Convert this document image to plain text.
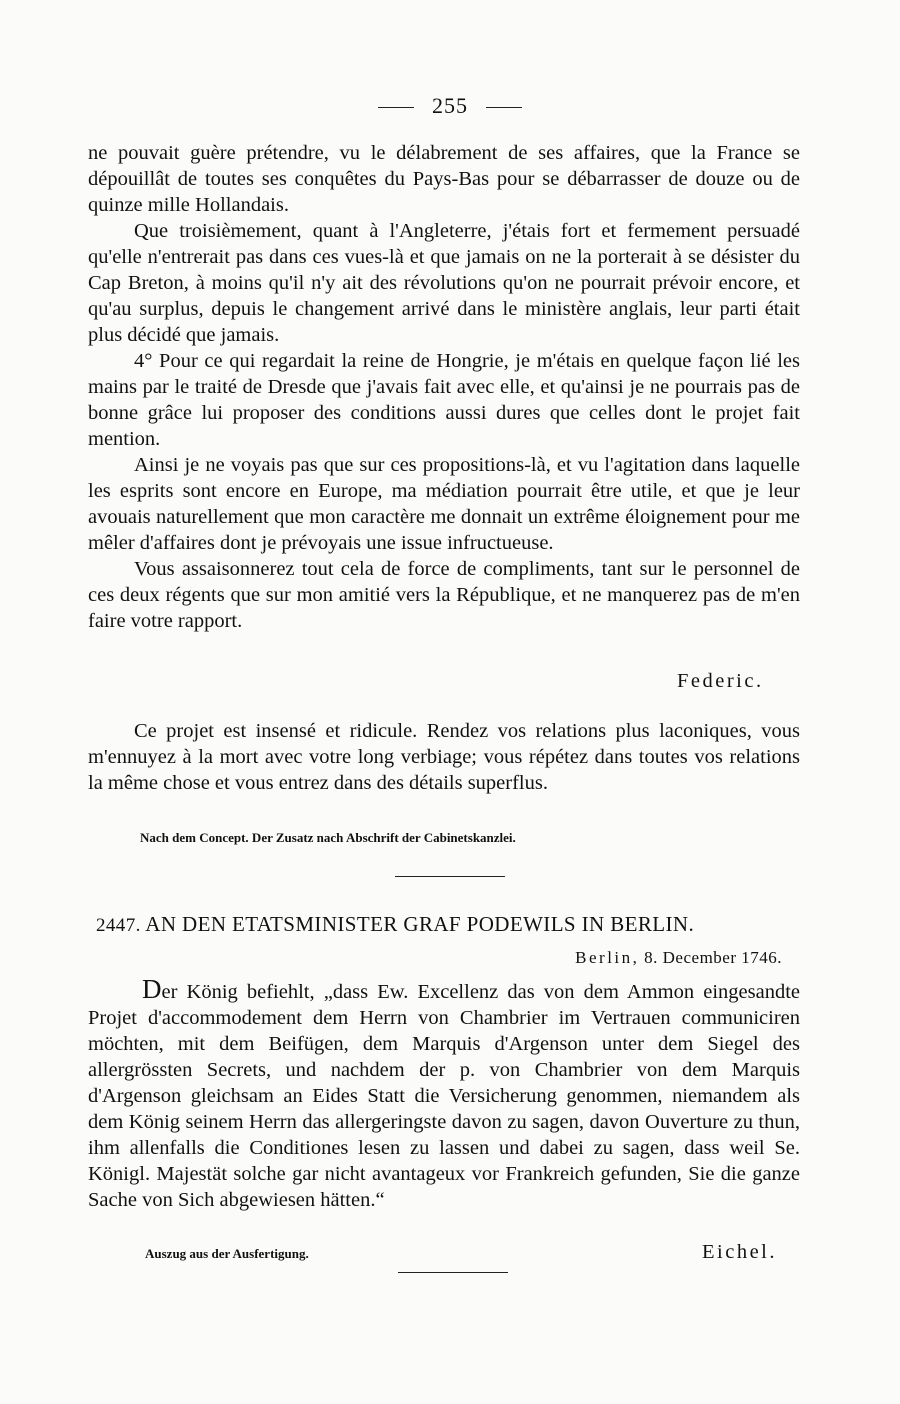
255

ne pouvait guère prétendre, vu le délabrement de ses affaires, que la France se dépouillât de toutes ses conquêtes du Pays-Bas pour se débarrasser de douze ou de quinze mille Hollandais.

Que troisièmement, quant à l'Angleterre, j'étais fort et fermement persuadé qu'elle n'entrerait pas dans ces vues-là et que jamais on ne la porterait à se désister du Cap Breton, à moins qu'il n'y ait des révolutions qu'on ne pourrait prévoir encore, et qu'au surplus, depuis le changement arrivé dans le ministère anglais, leur parti était plus décidé que jamais.

4° Pour ce qui regardait la reine de Hongrie, je m'étais en quelque façon lié les mains par le traité de Dresde que j'avais fait avec elle, et qu'ainsi je ne pourrais pas de bonne grâce lui proposer des conditions aussi dures que celles dont le projet fait mention.

Ainsi je ne voyais pas que sur ces propositions-là, et vu l'agitation dans laquelle les esprits sont encore en Europe, ma médiation pourrait être utile, et que je leur avouais naturellement que mon caractère me donnait un extrême éloignement pour me mêler d'affaires dont je prévoyais une issue infructueuse.

Vous assaisonnerez tout cela de force de compliments, tant sur le personnel de ces deux régents que sur mon amitié vers la République, et ne manquerez pas de m'en faire votre rapport.

Federic.

Ce projet est insensé et ridicule. Rendez vos relations plus laconiques, vous m'ennuyez à la mort avec votre long verbiage; vous répétez dans toutes vos relations la même chose et vous entrez dans des détails superflus.

Nach dem Concept. Der Zusatz nach Abschrift der Cabinetskanzlei.
2447. AN DEN ETATSMINISTER GRAF PODEWILS IN BERLIN.
Berlin, 8. December 1746.

Der König befiehlt, „dass Ew. Excellenz das von dem Ammon eingesandte Projet d'accommodement dem Herrn von Chambrier im Vertrauen communiciren möchten, mit dem Beifügen, dem Marquis d'Argenson unter dem Siegel des allergrössten Secrets, und nachdem der p. von Chambrier von dem Marquis d'Argenson gleichsam an Eides Statt die Versicherung genommen, niemandem als dem König seinem Herrn das allergeringste davon zu sagen, davon Ouverture zu thun, ihm allenfalls die Conditiones lesen zu lassen und dabei zu sagen, dass weil Se. Königl. Majestät solche gar nicht avantageux vor Frankreich gefunden, Sie die ganze Sache von Sich abgewiesen hätten.“

Auszug aus der Ausfertigung.	Eichel.
